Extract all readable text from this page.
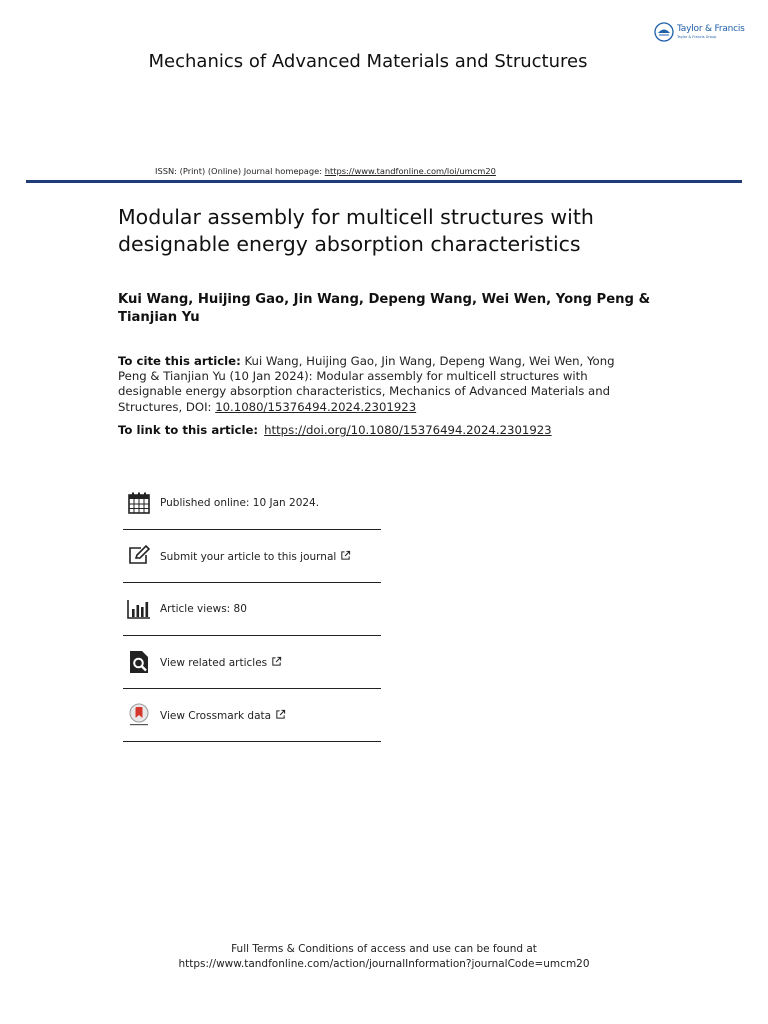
Taylor & Francis
Taylor & Francis Group
Mechanics of Advanced Materials and Structures
ISSN: (Print) (Online) Journal homepage: https://www.tandfonline.com/loi/umcm20
Modular assembly for multicell structures with designable energy absorption characteristics
Kui Wang, Huijing Gao, Jin Wang, Depeng Wang, Wei Wen, Yong Peng & Tianjian Yu
To cite this article: Kui Wang, Huijing Gao, Jin Wang, Depeng Wang, Wei Wen, Yong Peng & Tianjian Yu (10 Jan 2024): Modular assembly for multicell structures with designable energy absorption characteristics, Mechanics of Advanced Materials and Structures, DOI: 10.1080/15376494.2024.2301923
To link to this article: https://doi.org/10.1080/15376494.2024.2301923
Published online: 10 Jan 2024.
Submit your article to this journal
Article views: 80
View related articles
View Crossmark data
Full Terms & Conditions of access and use can be found at
https://www.tandfonline.com/action/journalInformation?journalCode=umcm20
